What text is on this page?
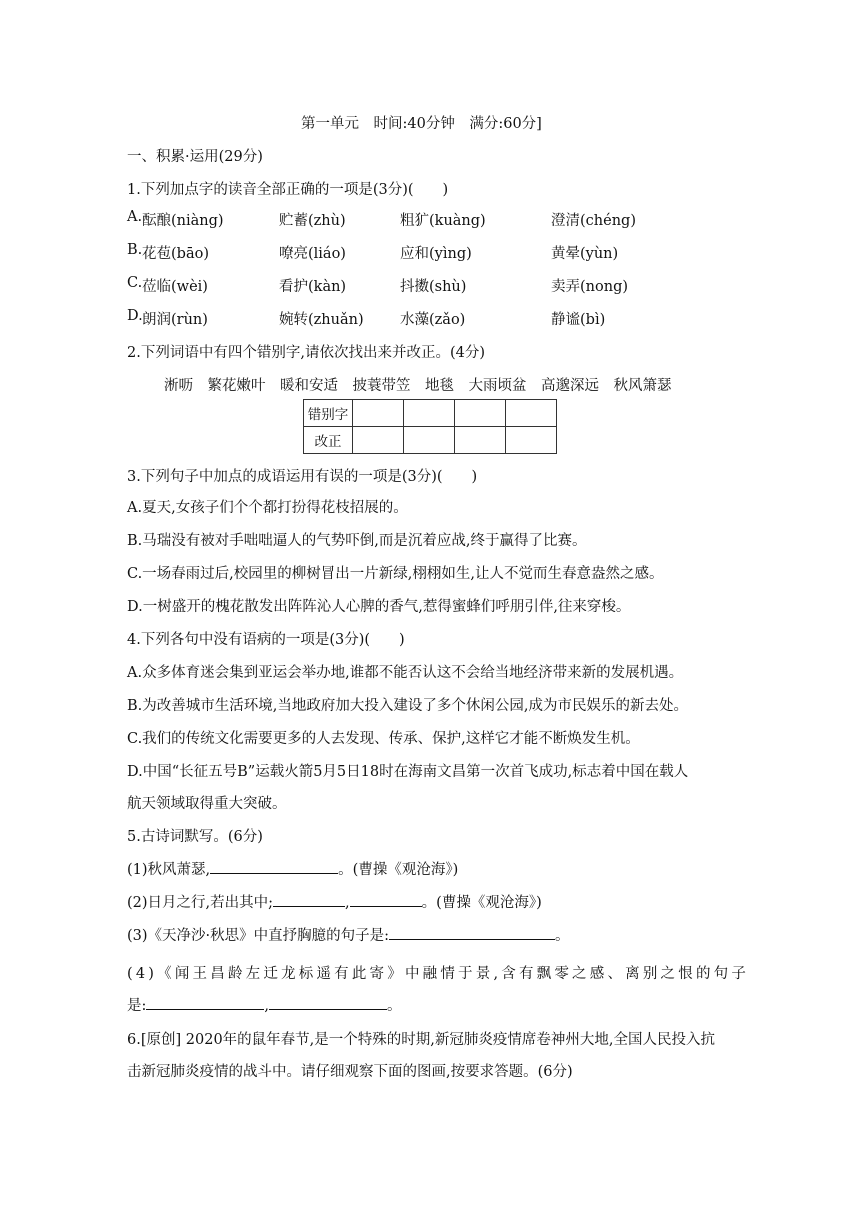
第一单元　时间:40分钟　满分:60分]
一、积累·运用(29分)
1.下列加点字的读音全部正确的一项是(3分)(　　)
A. 酝酿(niàng)	贮蓄(zhù)	粗犷(kuàng)	澄清(chéng)
B. 花苞(bāo)	嘹亮(liáo)	应和(yìng)	黄晕(yùn)
C. 莅临(wèi)	看护(kàn)	抖擞(shù)	卖弄(nong)
D. 朗润(rùn)	婉转(zhuǎn)	水藻(zǎo)	静谧(bì)
2.下列词语中有四个错别字,请依次找出来并改正。(4分)
淅呖　繁花嫩叶　暖和安适　披蓑带笠　地毯　大雨顷盆　高邈深远　秋风箫瑟
错别字				
改正				
3.下列句子中加点的成语运用有误的一项是(3分)(　　)
A.夏天,女孩子们个个都打扮得花枝招展的。
B.马瑞没有被对手咄咄逼人的气势吓倒,而是沉着应战,终于赢得了比赛。
C.一场春雨过后,校园里的柳树冒出一片新绿,栩栩如生,让人不觉而生春意盎然之感。
D.一树盛开的槐花散发出阵阵沁人心脾的香气,惹得蜜蜂们呼朋引伴,往来穿梭。
4.下列各句中没有语病的一项是(3分)(　　)
A.众多体育迷会集到亚运会举办地,谁都不能否认这不会给当地经济带来新的发展机遇。
B.为改善城市生活环境,当地政府加大投入建设了多个休闲公园,成为市民娱乐的新去处。
C.我们的传统文化需要更多的人去发现、传承、保护,这样它才能不断焕发生机。
D.中国“长征五号B”运载火箭5月5日18时在海南文昌第一次首飞成功,标志着中国在载人
航天领域取得重大突破。
5.古诗词默写。(6分)
(1)秋风萧瑟,	。(曹操《观沧海》)
(2)日月之行,若出其中;	,	。(曹操《观沧海》)
(3)《天净沙·秋思》中直抒胸臆的句子是:	。
(4)《闻王昌龄左迁龙标遥有此寄》中融情于景,含有飘零之感、离别之恨的句子
是:	,	。
6.[原创] 2020年的鼠年春节,是一个特殊的时期,新冠肺炎疫情席卷神州大地,全国人民投入抗
击新冠肺炎疫情的战斗中。请仔细观察下面的图画,按要求答题。(6分)
